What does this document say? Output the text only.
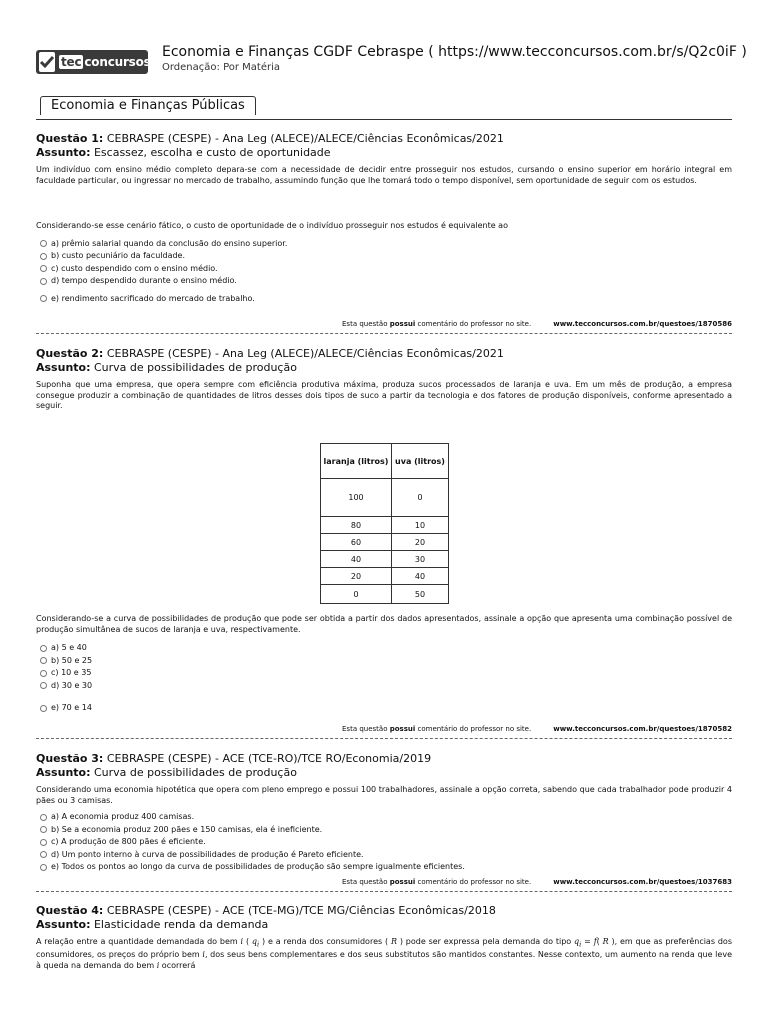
tec concursos
Economia e Finanças CGDF Cebraspe ( https://www.tecconcursos.com.br/s/Q2c0iF )
Ordenação: Por Matéria
Economia e Finanças Públicas
Questão 1: CEBRASPE (CESPE) - Ana Leg (ALECE)/ALECE/Ciências Econômicas/2021
Assunto: Escassez, escolha e custo de oportunidade

Um indivíduo com ensino médio completo depara-se com a necessidade de decidir entre prosseguir nos estudos, cursando o ensino superior em horário integral em faculdade particular, ou ingressar no mercado de trabalho, assumindo função que lhe tomará todo o tempo disponível, sem oportunidade de seguir com os estudos.

Considerando-se esse cenário fático, o custo de oportunidade de o indivíduo prosseguir nos estudos é equivalente ao

a) prêmio salarial quando da conclusão do ensino superior.
b) custo pecuniário da faculdade.
c) custo despendido com o ensino médio.
d) tempo despendido durante o ensino médio.
e) rendimento sacrificado do mercado de trabalho.
Esta questão possui comentário do professor no site.	www.tecconcursos.com.br/questoes/1870586
Questão 2: CEBRASPE (CESPE) - Ana Leg (ALECE)/ALECE/Ciências Econômicas/2021
Assunto: Curva de possibilidades de produção

Suponha que uma empresa, que opera sempre com eficiência produtiva máxima, produza sucos processados de laranja e uva. Em um mês de produção, a empresa consegue produzir a combinação de quantidades de litros desses dois tipos de suco a partir da tecnologia e dos fatores de produção disponíveis, conforme apresentado a seguir.

laranja (litros)	uva (litros)
100	0
80	10
60	20
40	30
20	40
0	50

Considerando-se a curva de possibilidades de produção que pode ser obtida a partir dos dados apresentados, assinale a opção que apresenta uma combinação possível de produção simultânea de sucos de laranja e uva, respectivamente.

a) 5 e 40
b) 50 e 25
c) 10 e 35
d) 30 e 30
e) 70 e 14
Esta questão possui comentário do professor no site.	www.tecconcursos.com.br/questoes/1870582
Questão 3: CEBRASPE (CESPE) - ACE (TCE-RO)/TCE RO/Economia/2019
Assunto: Curva de possibilidades de produção

Considerando uma economia hipotética que opera com pleno emprego e possui 100 trabalhadores, assinale a opção correta, sabendo que cada trabalhador pode produzir 4 pães ou 3 camisas.

a) A economia produz 400 camisas.
b) Se a economia produz 200 pães e 150 camisas, ela é ineficiente.
c) A produção de 800 pães é eficiente.
d) Um ponto interno à curva de possibilidades de produção é Pareto eficiente.
e) Todos os pontos ao longo da curva de possibilidades de produção são sempre igualmente eficientes.
Esta questão possui comentário do professor no site.	www.tecconcursos.com.br/questoes/1037683
Questão 4: CEBRASPE (CESPE) - ACE (TCE-MG)/TCE MG/Ciências Econômicas/2018
Assunto: Elasticidade renda da demanda

A relação entre a quantidade demandada do bem i ( $q_i$ ) e a renda dos consumidores ( R ) pode ser expressa pela demanda do tipo $q_i = f$( R ), em que as preferências dos consumidores, os preços do próprio bem i, dos seus bens complementares e dos seus substitutos são mantidos constantes. Nesse contexto, um aumento na renda que leve à queda na demanda do bem i ocorrerá
